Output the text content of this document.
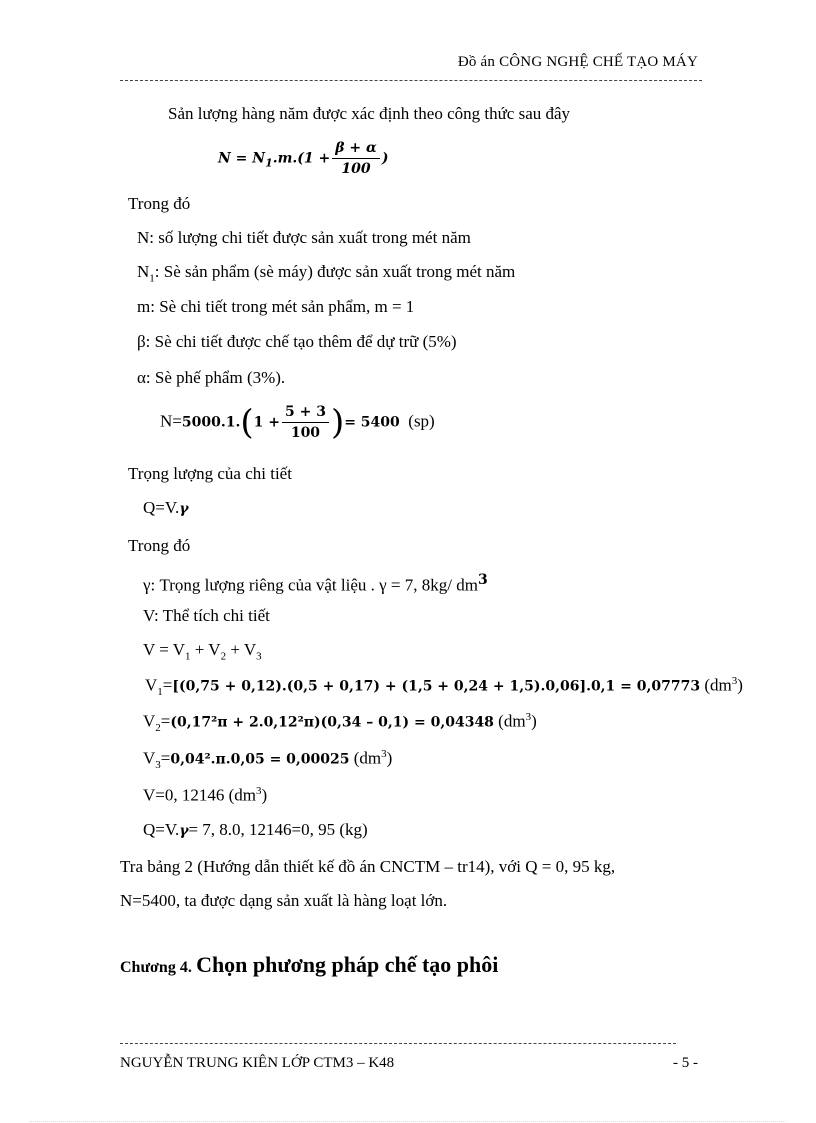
Đồ án CÔNG NGHỆ CHẾ TẠO MÁY
Sản lượng hàng năm được xác định theo công thức sau đây
$N = N_1.m.(1 + \frac{\beta + \alpha}{100}$ )
Trong đó
N: số lượng chi tiết được sản xuất trong mét năm
$N_1$: Sè sản phẩm (sè máy) được sản xuất trong mét năm
m: Sè chi tiết trong mét sản phẩm, m = 1
β: Sè chi tiết được chế tạo thêm để dự trữ (5%)
α: Sè phế phẩm (3%).
$N=5000.1.(1 + \frac{5 + 3}{100}$ )= 5400 (sp)
Trọng lượng của chi tiết
Q=V.γ
Trong đó
γ: Trọng lượng riêng của vật liệu . γ = 7, 8kg/ $dm^3$
V: Thể tích chi tiết
$V = V_1 + V_2 + V_3$
$V_1=[(0,75 + 0,12).(0,5 + 0,17) + (1,5 + 0,24 + 1,5).0,06].0,1 = 0,07773$ $(dm^3)$
$V_2=(0,17^2\pi + 2.0,12^2\pi)(0,34 - 0,1) = 0,04348$ $(dm^3)$
$V_3=0,04^2.\pi.0,05 = 0,00025$ $(dm^3)$
V=0, 12146 $(dm^3)$
Q=V.γ= 7, 8.0, 12146=0, 95 (kg)
Tra bảng 2 (Hướng dẫn thiết kế đồ án CNCTM – tr14), với Q = 0, 95 kg,
N=5400, ta được dạng sản xuất là hàng loạt lớn.
Chương 4. Chọn phương pháp chế tạo phôi
NGUYỄN TRUNG KIÊN LỚP CTM3 – K48	- 5 -
